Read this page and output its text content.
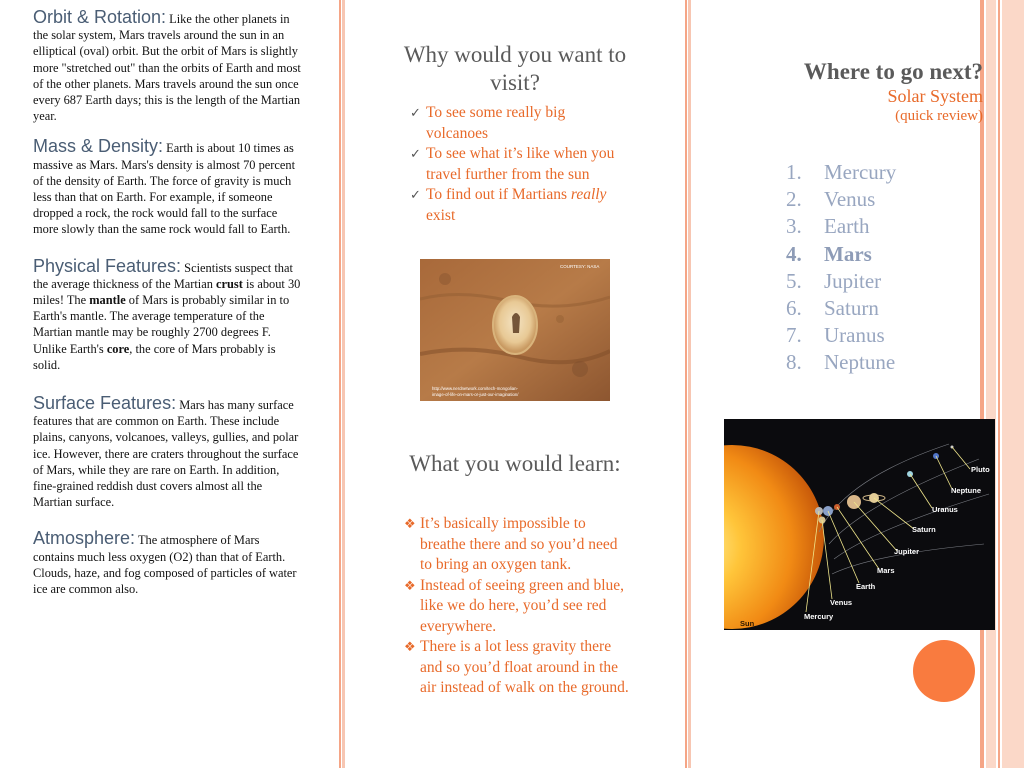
Orbit & Rotation: Like the other planets in the solar system, Mars travels around the sun in an elliptical (oval) orbit. But the orbit of Mars is slightly more "stretched out" than the orbits of Earth and most of the other planets. Mars travels around the sun once every 687 Earth days; this is the length of the Martian year.
Mass & Density: Earth is about 10 times as massive as Mars. Mars's density is almost 70 percent of the density of Earth. The force of gravity is much less than that on Earth. For example, if someone dropped a rock, the rock would fall to the surface more slowly than the same rock would fall to Earth.
Physical Features: Scientists suspect that the average thickness of the Martian crust is about 30 miles! The mantle of Mars is probably similar in to Earth's mantle. The average temperature of the Martian mantle may be roughly 2700 degrees F. Unlike Earth's core, the core of Mars probably is solid.
Surface Features: Mars has many surface features that are common on Earth. These include plains, canyons, volcanoes, valleys, gullies, and polar ice. However, there are craters throughout the surface of Mars, while they are rare on Earth. In addition, fine-grained reddish dust covers almost all the Martian surface.
Atmosphere: The atmosphere of Mars contains much less oxygen (O2) than that of Earth. Clouds, haze, and fog composed of particles of water ice are common also.
Why would you want to visit?
✓ To see some really big volcanoes
✓ To see what it’s like when you travel further from the sun
✓ To find out if Martians really exist
COURTESY: NASA
http://www.nerdnetwork.com/tech-mongolian- image-of-life-on-mars-or-just-our-imagination/
What you would learn:
❖ It’s basically impossible to breathe there and so you’d need to bring an oxygen tank.
❖ Instead of seeing green and blue, like we do here, you’d see red everywhere.
❖ There is a lot less gravity there and so you’d float around in the air instead of walk on the ground.
Where to go next?
Solar System
(quick review)
1. Mercury
2. Venus
3. Earth
4. Mars
5. Jupiter
6. Saturn
7. Uranus
8. Neptune
Pluto
Neptune
Uranus
Saturn
Jupiter
Mars
Earth
Venus
Mercury
Sun
